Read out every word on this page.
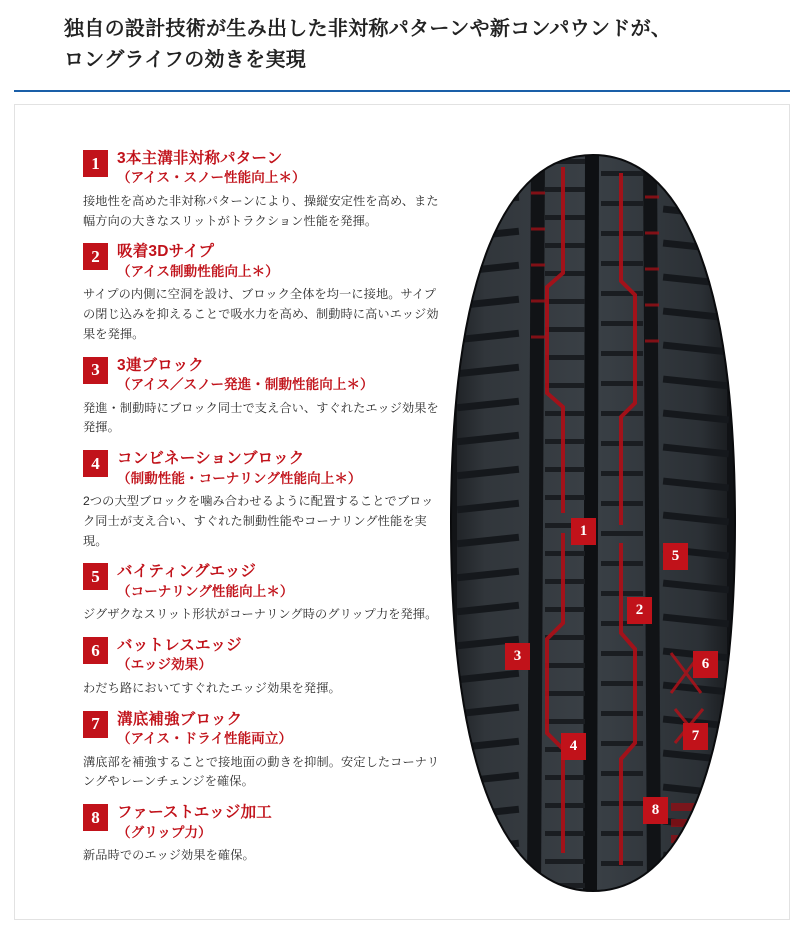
独自の設計技術が生み出した非対称パターンや新コンパウンドが、
ロングライフの効きを実現
1	3本主溝非対称パターン
（アイス・スノー性能向上＊）
接地性を高めた非対称パターンにより、操縦安定性を高め、また幅方向の大きなスリットがトラクション性能を発揮。
2	吸着3Dサイプ
（アイス制動性能向上＊）
サイプの内側に空洞を設け、ブロック全体を均一に接地。サイプの閉じ込みを抑えることで吸水力を高め、制動時に高いエッジ効果を発揮。
3	3連ブロック
（アイス／スノー発進・制動性能向上＊）
発進・制動時にブロック同士で支え合い、すぐれたエッジ効果を発揮。
4	コンビネーションブロック
（制動性能・コーナリング性能向上＊）
2つの大型ブロックを噛み合わせるように配置することでブロック同士が支え合い、すぐれた制動性能やコーナリング性能を実現。
5	バイティングエッジ
（コーナリング性能向上＊）
ジグザクなスリット形状がコーナリング時のグリップ力を発揮。
6	バットレスエッジ
（エッジ効果）
わだち路においてすぐれたエッジ効果を発揮。
7	溝底補強ブロック
（アイス・ドライ性能両立）
溝底部を補強することで接地面の動きを抑制。安定したコーナリングやレーンチェンジを確保。
8	ファーストエッジ加工
（グリップ力）
新品時でのエッジ効果を確保。
1
2
3
4
5
6
7
8
